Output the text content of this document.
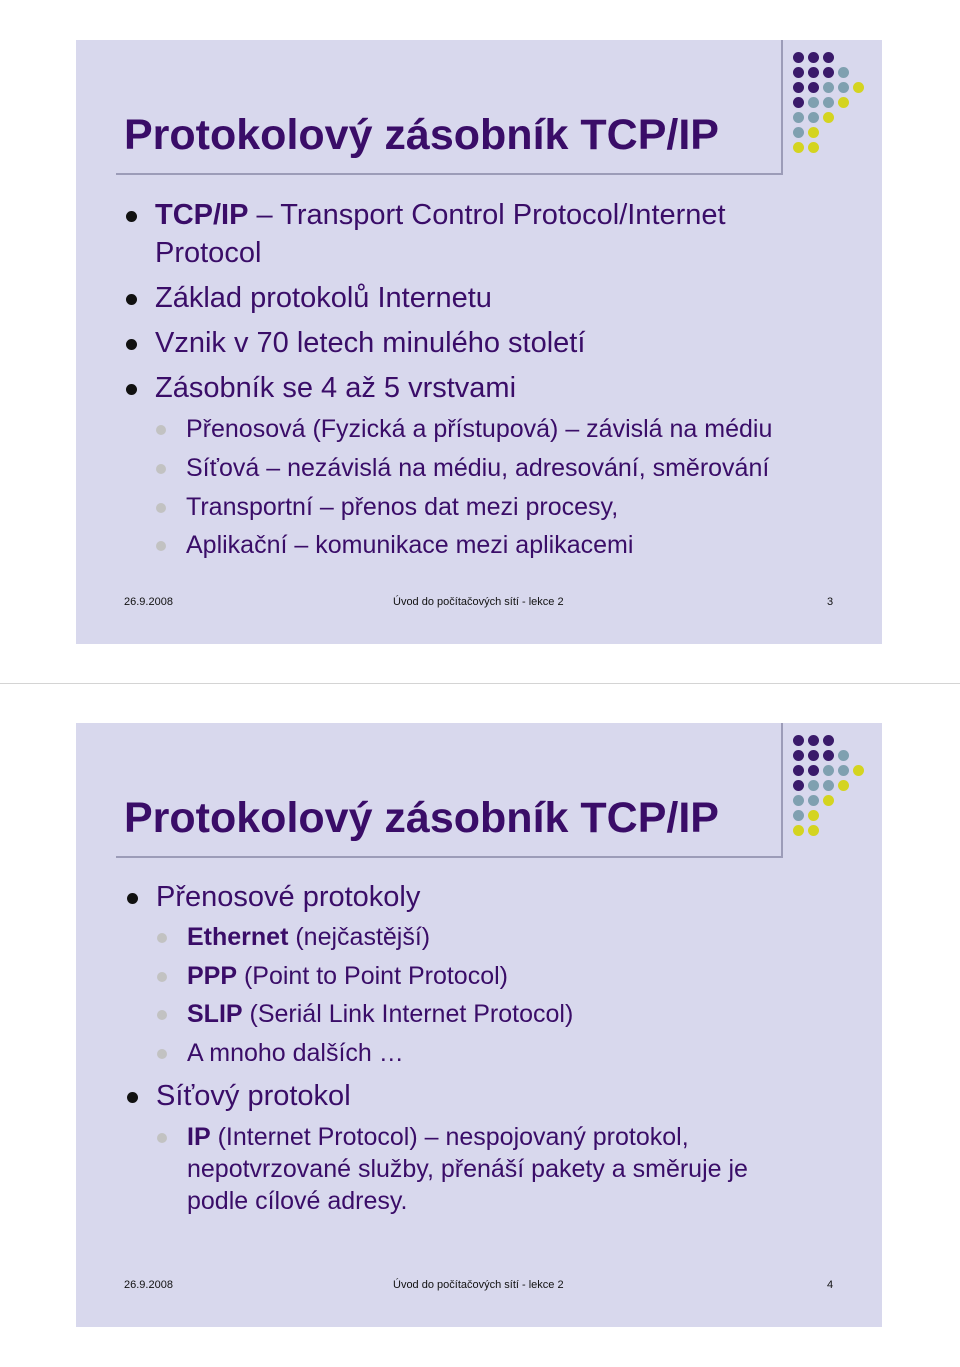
Protokolový zásobník TCP/IP
TCP/IP – Transport Control Protocol/Internet
Protocol
Základ protokolů Internetu
Vznik v 70 letech minulého století
Zásobník se 4 až 5 vrstvami
Přenosová (Fyzická a přístupová) – závislá na médiu
Síťová – nezávislá na médiu, adresování, směrování
Transportní – přenos dat mezi procesy,
Aplikační – komunikace mezi aplikacemi
26.9.2008	Úvod do počítačových sítí - lekce 2	3
Protokolový zásobník TCP/IP
Přenosové protokoly
Ethernet (nejčastější)
PPP (Point to Point Protocol)
SLIP (Seriál Link Internet Protocol)
A mnoho dalších …
Síťový protokol
IP (Internet Protocol) – nespojovaný protokol,
nepotvrzované služby, přenáší pakety a směruje je
podle cílové adresy.
26.9.2008	Úvod do počítačových sítí - lekce 2	4
